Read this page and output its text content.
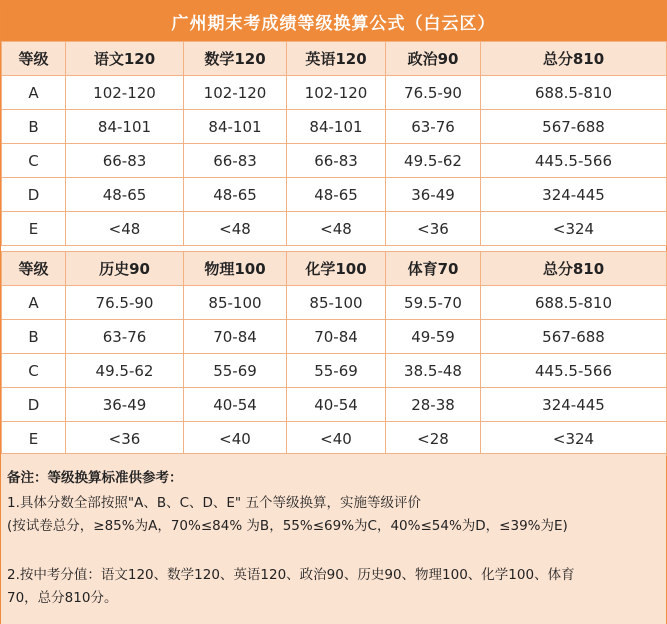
广州期末考成绩等级换算公式（白云区）
等级	语文120	数学120	英语120	政治90	总分810
A	102-120	102-120	102-120	76.5-90	688.5-810
B	84-101	84-101	84-101	63-76	567-688
C	66-83	66-83	66-83	49.5-62	445.5-566
D	48-65	48-65	48-65	36-49	324-445
E	<48	<48	<48	<36	<324
等级	历史90	物理100	化学100	体育70	总分810
A	76.5-90	85-100	85-100	59.5-70	688.5-810
B	63-76	70-84	70-84	49-59	567-688
C	49.5-62	55-69	55-69	38.5-48	445.5-566
D	36-49	40-54	40-54	28-38	324-445
E	<36	<40	<40	<28	<324
备注：等级换算标准供参考：
1.具体分数全部按照"A、B、C、D、E" 五个等级换算，实施等级评价
(按试卷总分，≥85%为A，70%≤84% 为B，55%≤69%为C，40%≤54%为D，≤39%为E)
2.按中考分值：语文120、数学120、英语120、政治90、历史90、物理100、化学100、体育
70，总分810分。
